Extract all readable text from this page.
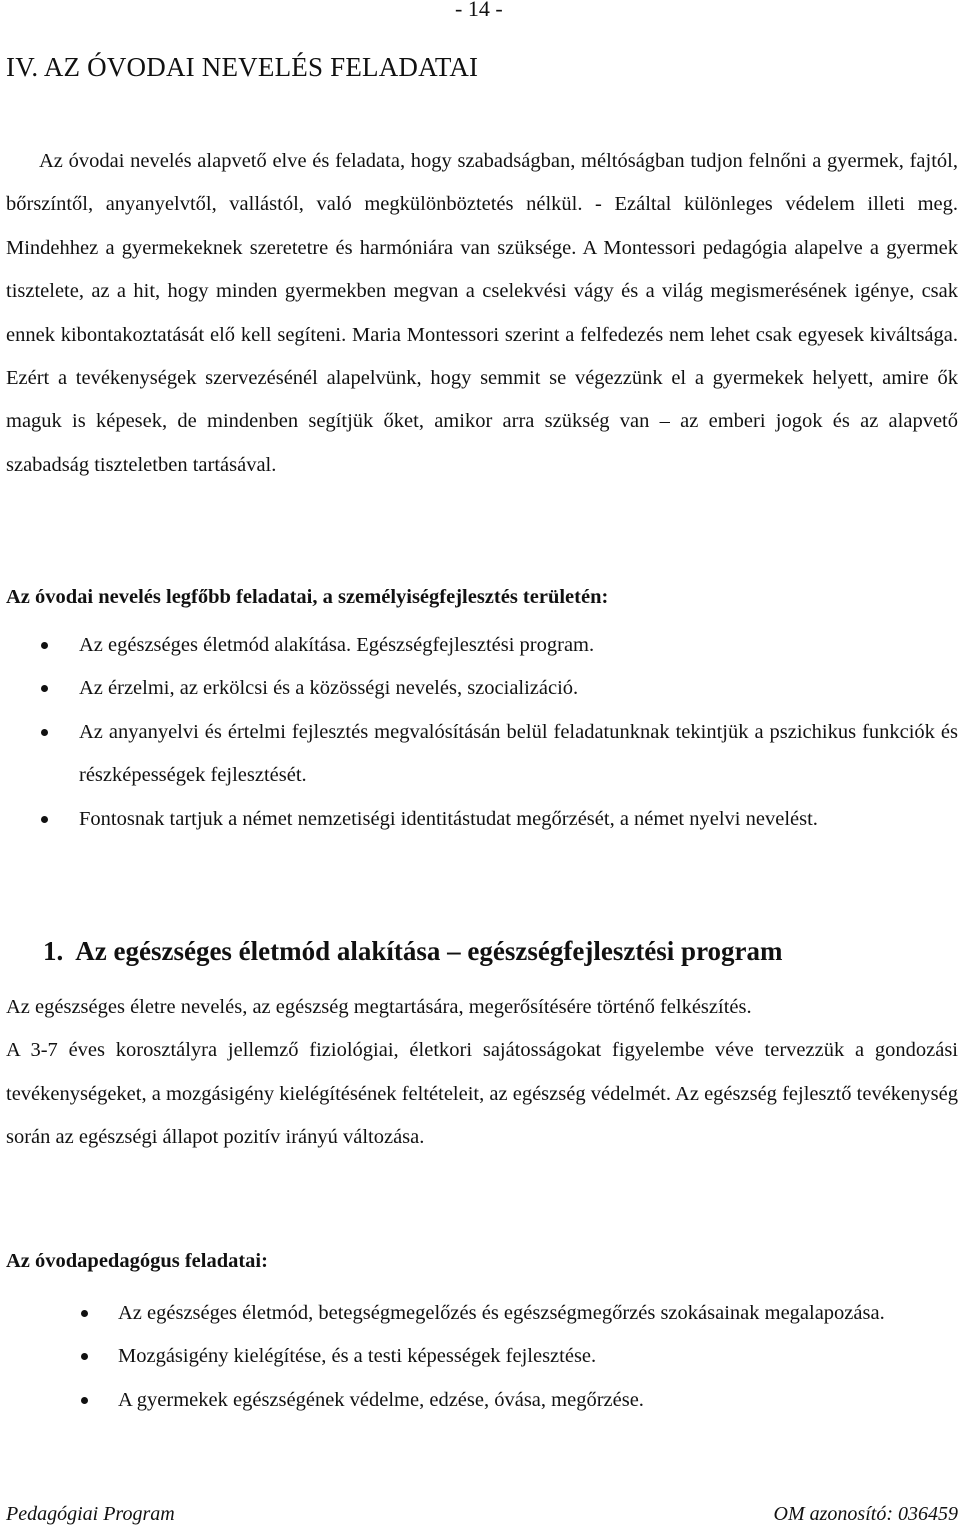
- 14 -
IV. AZ ÓVODAI NEVELÉS FELADATAI

Az óvodai nevelés alapvető elve és feladata, hogy szabadságban, méltóságban tudjon felnőni a gyermek, fajtól, bőrszíntől, anyanyelvtől, vallástól, való megkülönböztetés nélkül. - Ezáltal különleges védelem illeti meg. Mindehhez a gyermekeknek szeretetre és harmóniára van szüksége. A Montessori pedagógia alapelve a gyermek tisztelete, az a hit, hogy minden gyermekben megvan a cselekvési vágy és a világ megismerésének igénye, csak ennek kibontakoztatását elő kell segíteni. Maria Montessori szerint a felfedezés nem lehet csak egyesek kiváltsága. Ezért a tevékenységek szervezésénél alapelvünk, hogy semmit se végezzünk el a gyermekek helyett, amire ők maguk is képesek, de mindenben segítjük őket, amikor arra szükség van – az emberi jogok és az alapvető szabadság tiszteletben tartásával.

Az óvodai nevelés legfőbb feladatai, a személyiségfejlesztés területén:
Az egészséges életmód alakítása. Egészségfejlesztési program.
Az érzelmi, az erkölcsi és a közösségi nevelés, szocializáció.
Az anyanyelvi és értelmi fejlesztés megvalósításán belül feladatunknak tekintjük a pszichikus funkciók és részképességek fejlesztését.
Fontosnak tartjuk a német nemzetiségi identitástudat megőrzését, a német nyelvi nevelést.
1.  Az egészséges életmód alakítása – egészségfejlesztési program

Az egészséges életre nevelés, az egészség megtartására, megerősítésére történő felkészítés.

A 3-7 éves korosztályra jellemző fiziológiai, életkori sajátosságokat figyelembe véve tervezzük a gondozási tevékenységeket, a mozgásigény kielégítésének feltételeit, az egészség védelmét. Az egészség fejlesztő tevékenység során az egészségi állapot pozitív irányú változása.

Az óvodapedagógus feladatai:
Az egészséges életmód, betegségmegelőzés és egészségmegőrzés szokásainak megalapozása.
Mozgásigény kielégítése, és a testi képességek fejlesztése.
A gyermekek egészségének védelme, edzése, óvása, megőrzése.
Pedagógiai Program	OM azonosító: 036459
